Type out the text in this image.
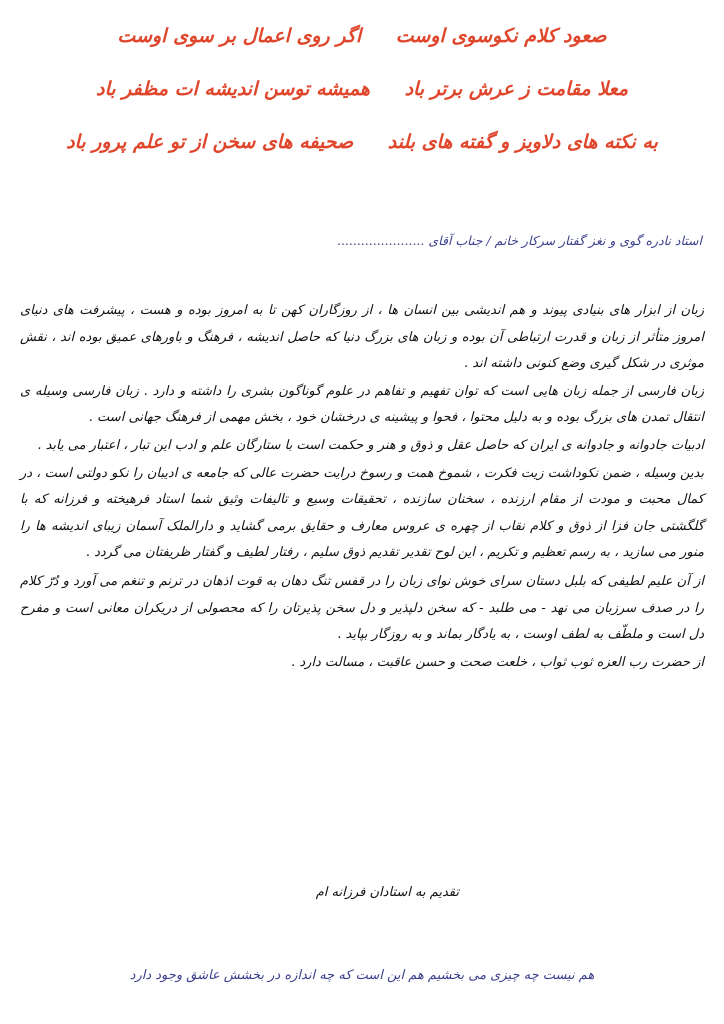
صعود کلام نکوسوی اوست اگر روی اعمال بر سوی اوست
معلا مقامت ز عرش برتر باد همیشه توسن اندیشه ات مظفر باد
به نکته های دلاویز و گفته های بلند صحیفه های سخن از تو علم پرور باد
استاد نادره گوی و نغز گفتار سرکار خانم / جناب آقای ......................

زبان از ابزار های بنیادی پیوند و هم اندیشی بین انسان ها ، از روزگاران کهن تا به امروز بوده و هست ، پیشرفت های دنیای امروز متأثر از زبان و قدرت ارتباطی آن بوده و زبان های بزرگ دنیا که حاصل اندیشه ، فرهنگ و باورهای عمیق بوده اند ، نقش موثری در شکل گیری وضع کنونی داشته اند .

زبان فارسی از جمله زبان هایی است که توان تفهیم و تفاهم در علوم گوناگون بشری را داشته و دارد . زبان فارسی وسیله ی انتقال تمدن های بزرگ بوده و به دلیل محتوا ، فحوا و پیشینه ی درخشان خود ، بخش مهمی از فرهنگ جهانی است .

ادبیات جادوانه و جادوانه ی ایران که حاصل عقل و ذوق و هنر و حکمت است با ستارگان علم و ادب این تبار ، اعتبار می یابد .

بدین وسیله ، ضمن نکوداشت زیت فکرت ، شموخ همت و رسوخ درایت حضرت عالی که جامعه ی ادیبان را نکو دولتی است ، در کمال محبت و مودت از مقام ارزنده ، سخنان سازنده ، تحقیقات وسیع و تالیفات وثیق شما استاد فرهیخته و فرزانه که با گلگشتی جان فزا از ذوق و کلام نقاب از چهره ی عروس معارف و حقایق برمی گشاید و دارالملک آسمان زیبای اندیشه ها را منور می سازید ، به رسم تعظیم و تکریم ، این لوح تقدیر تقدیم ذوق سلیم ، رفتار لطیف و گفتار ظریفتان می گردد .

از آن علیم لطیفی که بلبل دستان سرای خوش نوای زبان را در قفس تنگ دهان به قوت اذهان در ترنم و تنغم می آورد و دُرّ کلام را در صدف سرزبان می نهد - می طلبد - که سخن دلپذیر و دل سخن پذیرتان را که محصولی از دریکران معانی است و مفرح دل است و ملطّف به لطف اوست ، به یادگار بماند و به روزگار بپاید .

از حضرت رب العزه ثوب ثواب ، خلعت صحت و حسن عاقبت ، مسالت دارد .

تقدیم به استادان فرزانه ام
هم نیست چه چیزی می بخشیم هم این است که چه اندازه در بخشش عاشق وجود دارد
